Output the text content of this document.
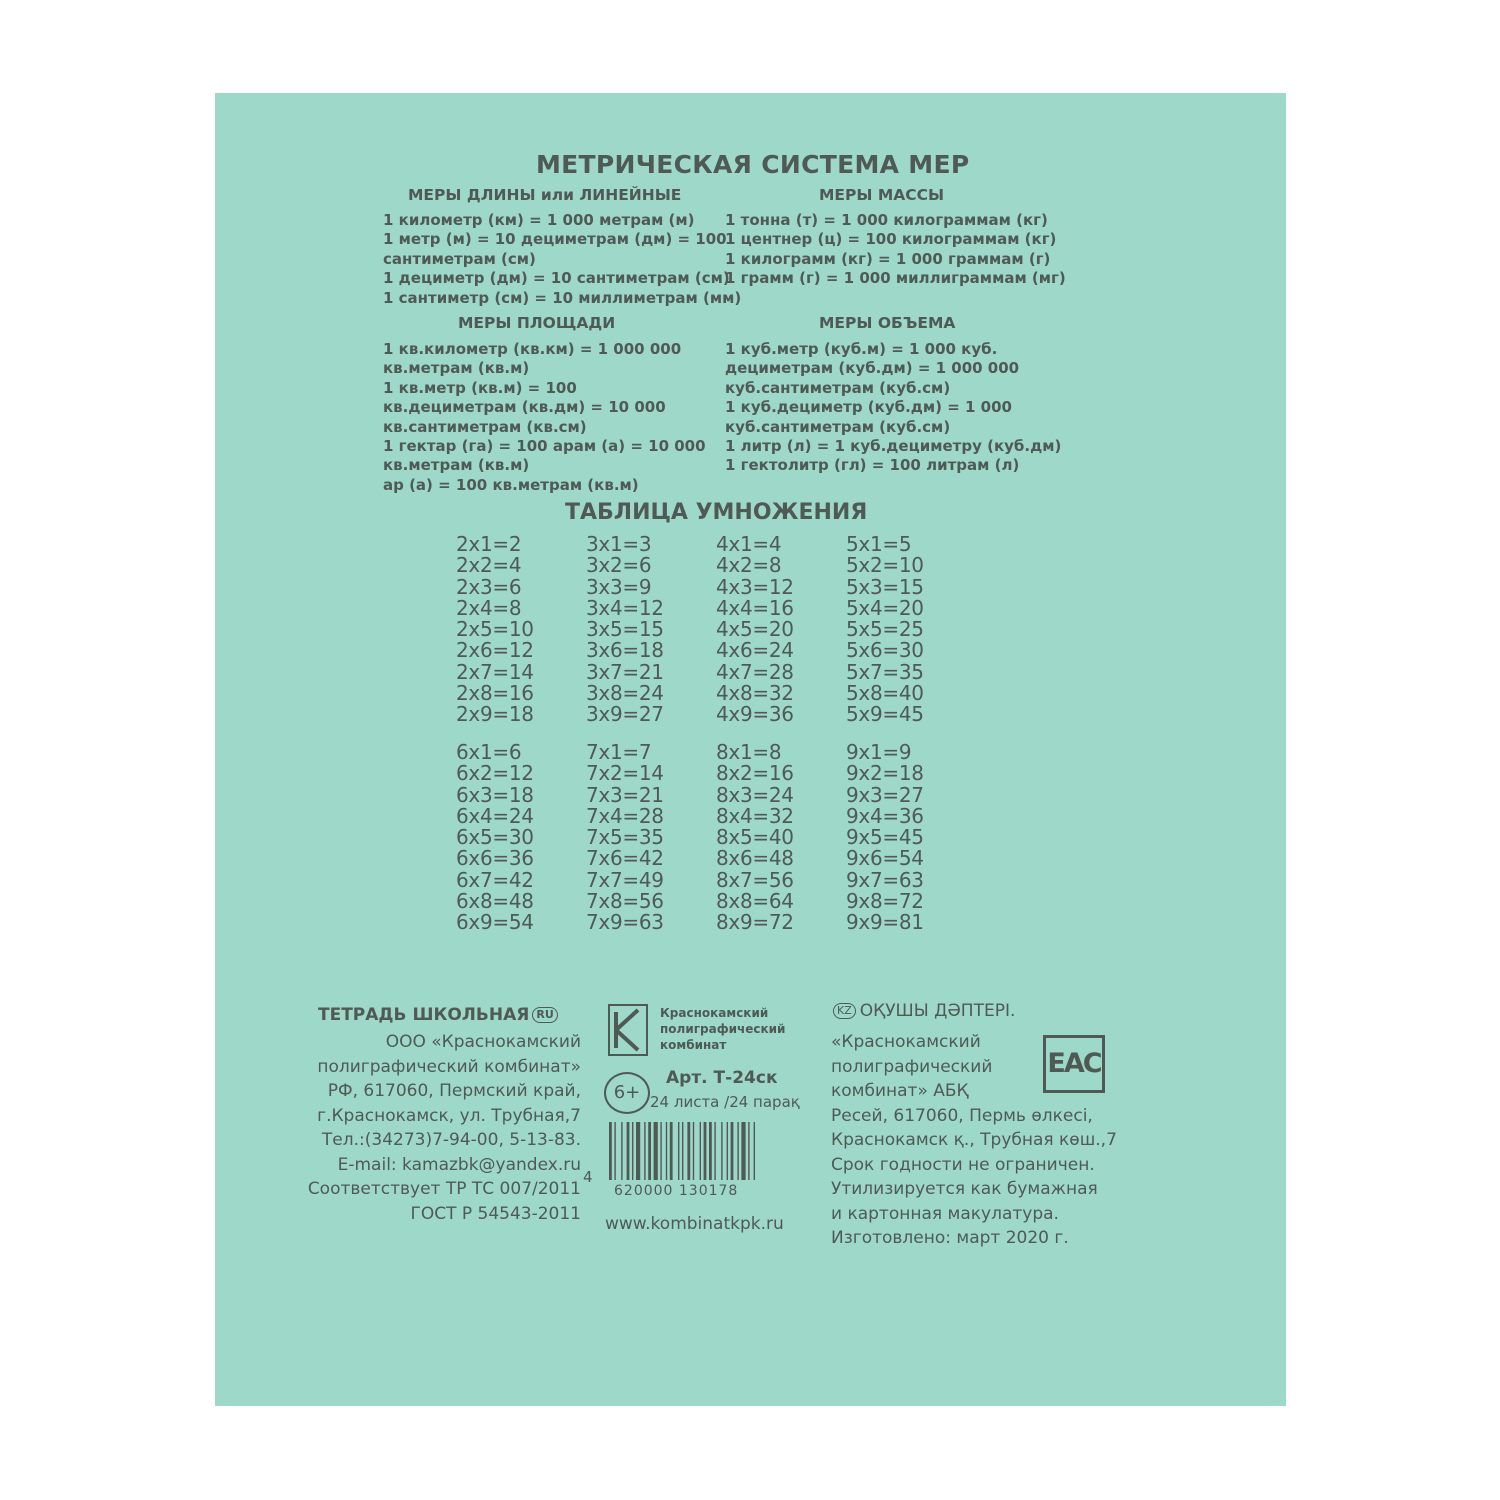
МЕТРИЧЕСКАЯ СИСТЕМА МЕР
МЕРЫ ДЛИНЫ или ЛИНЕЙНЫЕ
1 километр (км) = 1 000 метрам (м)
1 метр (м) = 10 дециметрам (дм) = 100
сантиметрам (см)
1 дециметр (дм) = 10 сантиметрам (см)
1 сантиметр (см) = 10 миллиметрам (мм)
МЕРЫ МАССЫ
1 тонна (т) = 1 000 килограммам (кг)
1 центнер (ц) = 100 килограммам (кг)
1 килограмм (кг) = 1 000 граммам (г)
1 грамм (г) = 1 000 миллиграммам (мг)
МЕРЫ ПЛОЩАДИ
1 кв.километр (кв.км) = 1 000 000
кв.метрам (кв.м)
1 кв.метр (кв.м) = 100
кв.дециметрам (кв.дм) = 10 000
кв.сантиметрам (кв.см)
1 гектар (га) = 100 арам (а) = 10 000
кв.метрам (кв.м)
ар (а) = 100 кв.метрам (кв.м)
МЕРЫ ОБЪЕМА
1 куб.метр (куб.м) = 1 000 куб.
дециметрам (куб.дм) = 1 000 000
куб.сантиметрам (куб.см)
1 куб.дециметр (куб.дм) = 1 000
куб.сантиметрам (куб.см)
1 литр (л) = 1 куб.дециметру (куб.дм)
1 гектолитр (гл) = 100 литрам (л)
ТАБЛИЦА УМНОЖЕНИЯ
2x1=2
2x2=4
2x3=6
2x4=8
2x5=10
2x6=12
2x7=14
2x8=16
2x9=18
3x1=3
3x2=6
3x3=9
3x4=12
3x5=15
3x6=18
3x7=21
3x8=24
3x9=27
4x1=4
4x2=8
4x3=12
4x4=16
4x5=20
4x6=24
4x7=28
4x8=32
4x9=36
5x1=5
5x2=10
5x3=15
5x4=20
5x5=25
5x6=30
5x7=35
5x8=40
5x9=45
6x1=6
6x2=12
6x3=18
6x4=24
6x5=30
6x6=36
6x7=42
6x8=48
6x9=54
7x1=7
7x2=14
7x3=21
7x4=28
7x5=35
7x6=42
7x7=49
7x8=56
7x9=63
8x1=8
8x2=16
8x3=24
8x4=32
8x5=40
8x6=48
8x7=56
8x8=64
8x9=72
9x1=9
9x2=18
9x3=27
9x4=36
9x5=45
9x6=54
9x7=63
9x8=72
9x9=81
ТЕТРАДЬ ШКОЛЬНАЯ RU
ООО «Краснокамский
полиграфический комбинат»
РФ, 617060, Пермский край,
г.Краснокамск, ул. Трубная,7
Тел.:(34273)7-94-00, 5-13-83.
E-mail: kamazbk@yandex.ru
Соответствует ТР ТС 007/2011
ГОСТ Р 54543-2011
Краснокамский
полиграфический
комбинат
6+
Арт. Т-24ск
24 листа /24 парақ
4
620000 130178
www.kombinatkpk.ru
KZ ОҚУШЫ ДӘПТЕРІ.
«Краснокамский
полиграфический
комбинат» АБҚ
Ресей, 617060, Пермь өлкесі,
Краснокамск қ., Трубная көш.,7
Срок годности не ограничен.
Утилизируется как бумажная
и картонная макулатура.
Изготовлено: март 2020 г.
EAC
